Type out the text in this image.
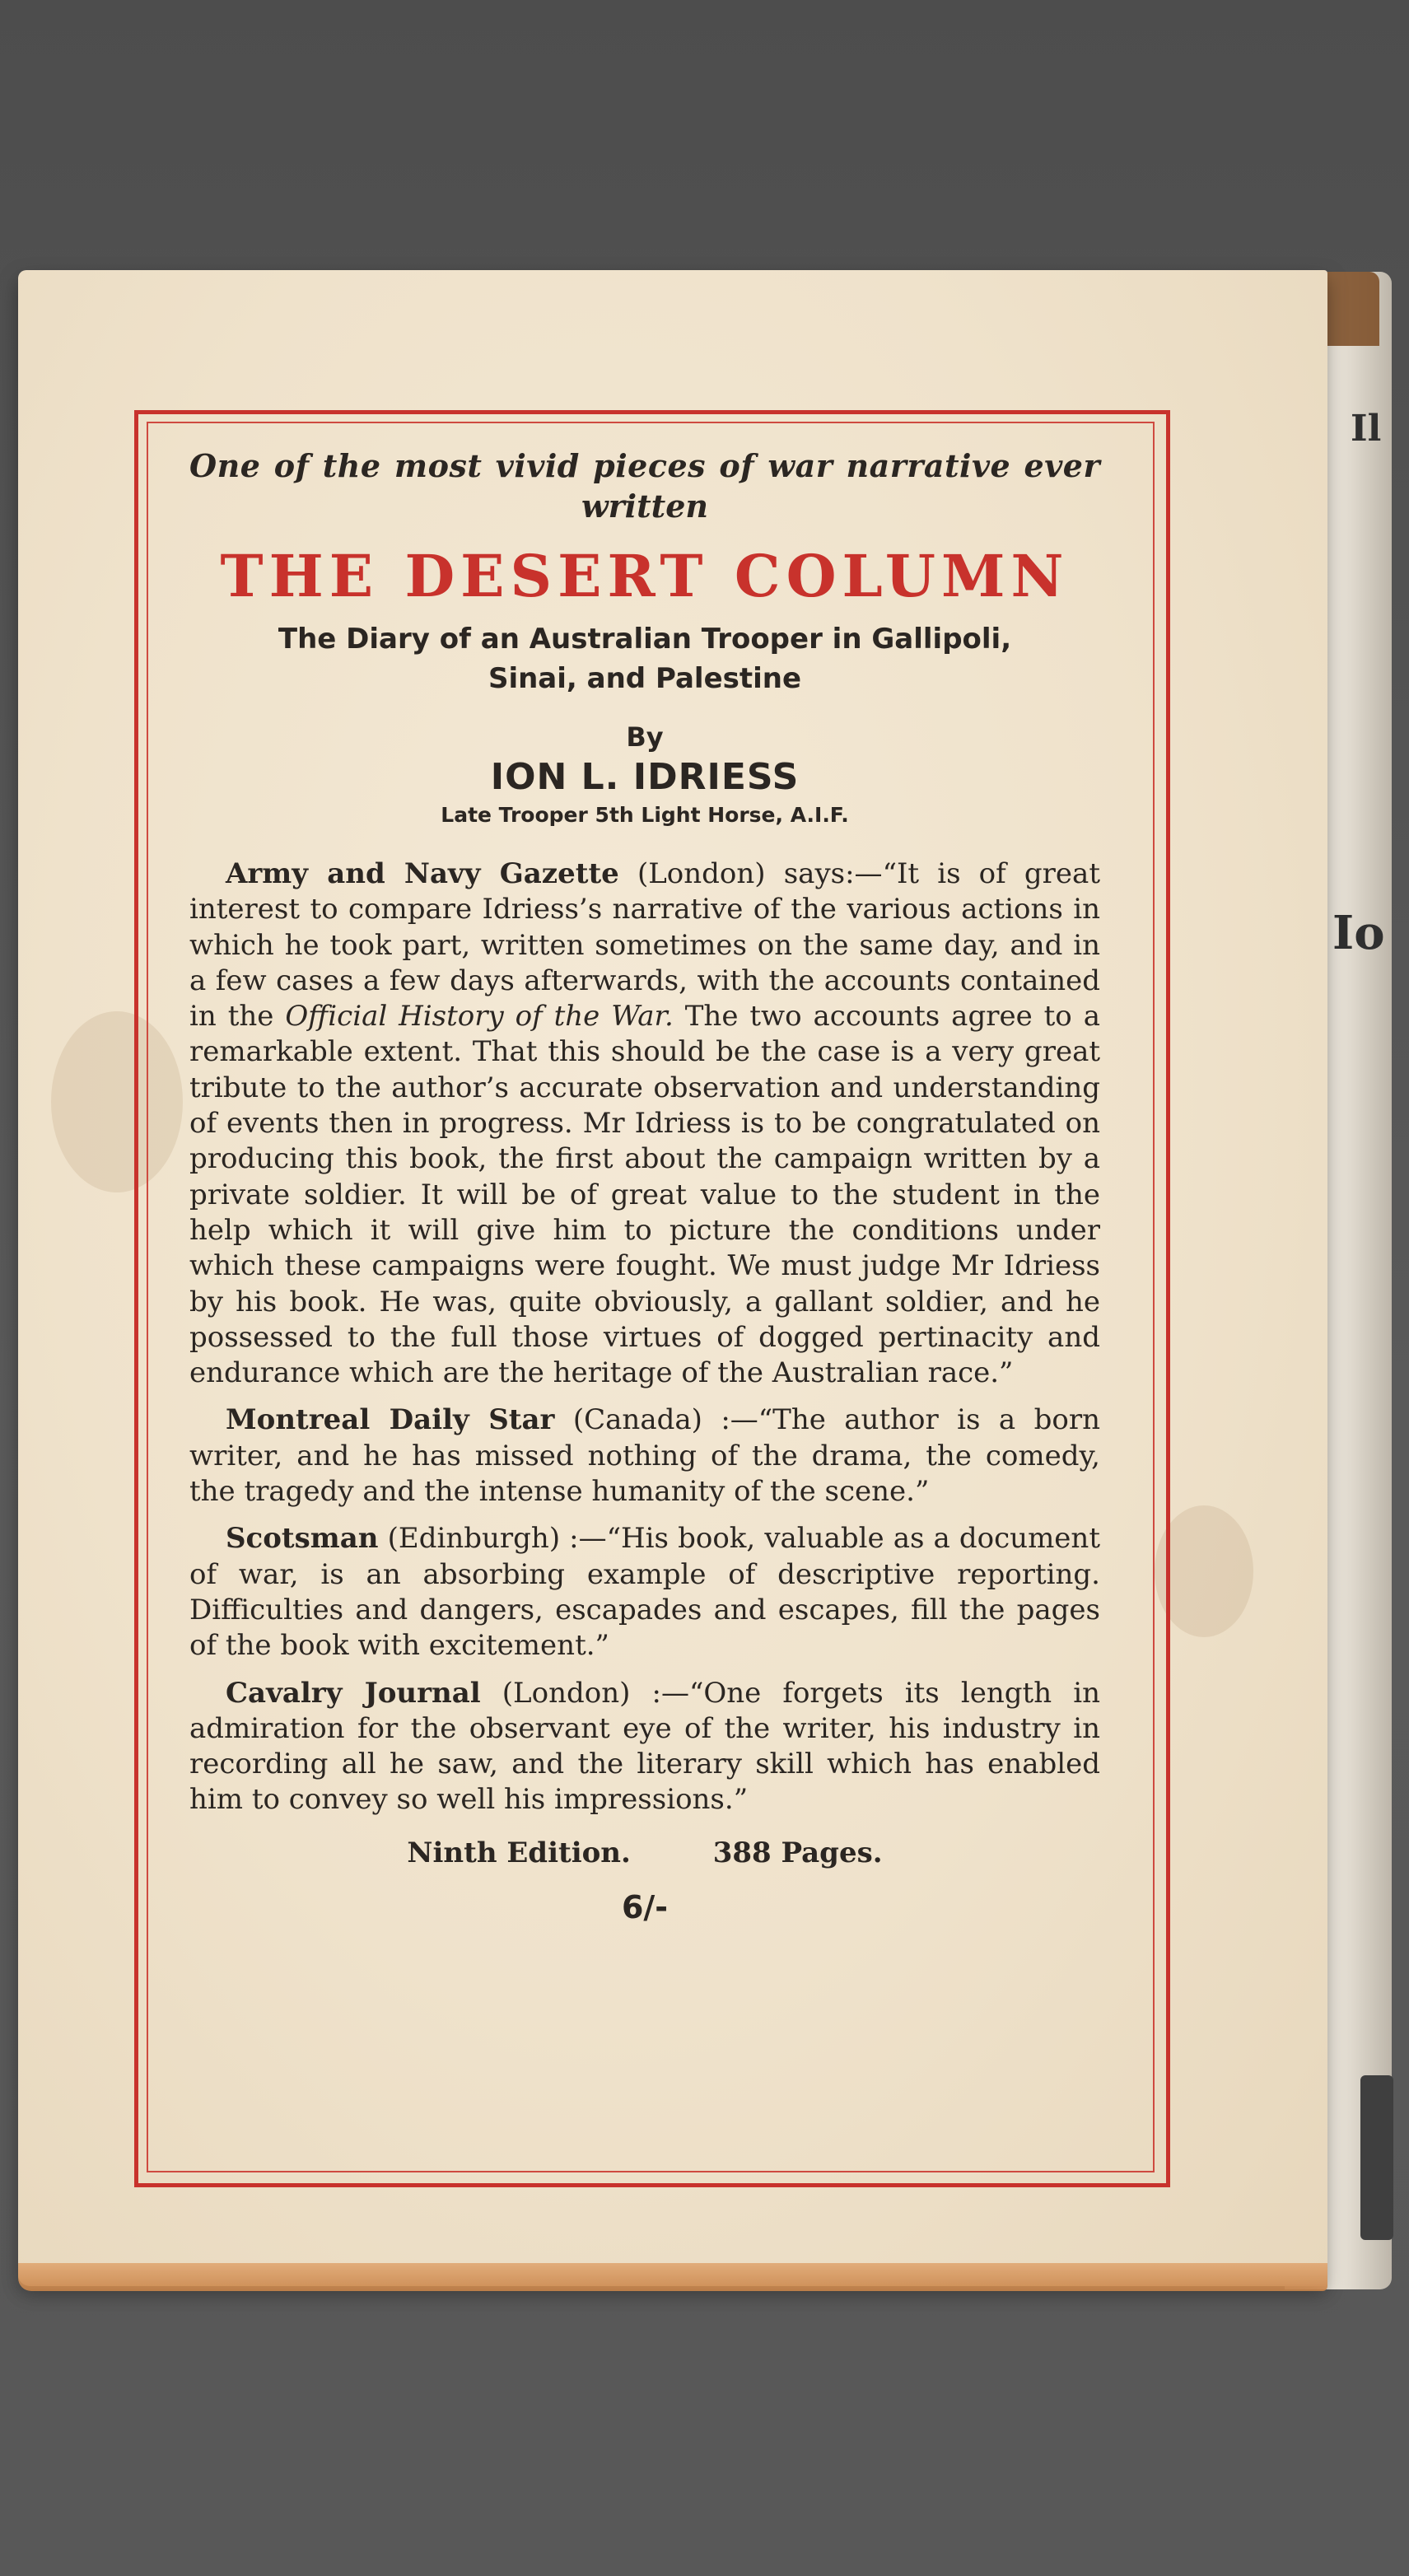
Il
Io

One of the most vivid pieces of war narrative ever

written

THE DESERT COLUMN
The Diary of an Australian Trooper in Gallipoli,
Sinai, and Palestine

By

ION L. IDRIESS

Late Trooper 5th Light Horse, A.I.F.

Army and Navy Gazette (London) says:—“It is of great interest to compare Idriess’s narrative of the various actions in which he took part, written sometimes on the same day, and in a few cases a few days afterwards, with the accounts contained in the Official History of the War. The two accounts agree to a remarkable extent. That this should be the case is a very great tribute to the author’s accurate observation and understanding of events then in progress. Mr Idriess is to be congratulated on producing this book, the first about the campaign written by a private soldier. It will be of great value to the student in the help which it will give him to picture the conditions under which these campaigns were fought. We must judge Mr Idriess by his book. He was, quite obviously, a gallant soldier, and he possessed to the full those virtues of dogged pertinacity and endurance which are the heritage of the Australian race.”

Montreal Daily Star (Canada) :—“The author is a born writer, and he has missed nothing of the drama, the comedy, the tragedy and the intense humanity of the scene.”

Scotsman (Edinburgh) :—“His book, valuable as a document of war, is an absorbing example of descriptive reporting. Difficulties and dangers, escapades and escapes, fill the pages of the book with excitement.”

Cavalry Journal (London) :—“One forgets its length in admiration for the observant eye of the writer, his industry in recording all he saw, and the literary skill which has enabled him to convey so well his impressions.”

Ninth Edition.	388 Pages.

6/-
